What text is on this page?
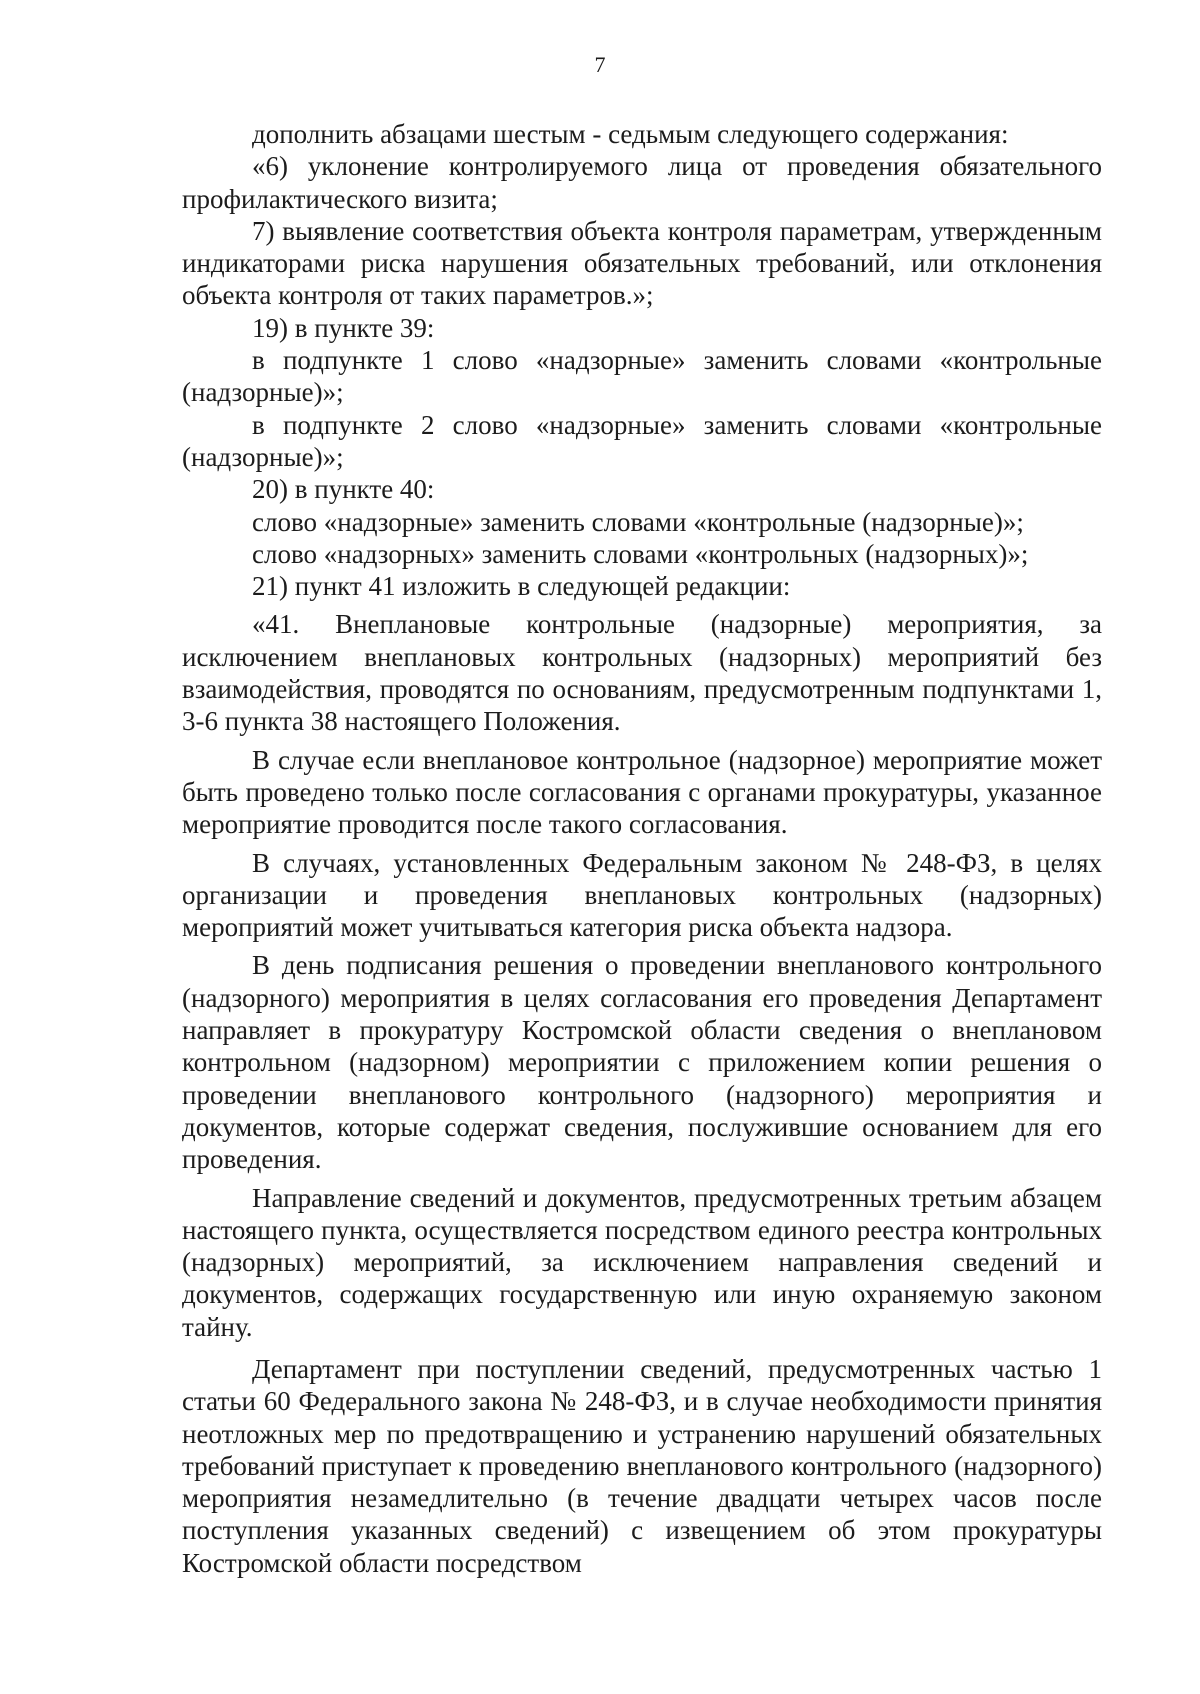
7

дополнить абзацами шестым - седьмым следующего содержания:

«6) уклонение контролируемого лица от проведения обязательного профилактического визита;

7) выявление соответствия объекта контроля параметрам, утвержденным индикаторами риска нарушения обязательных требований, или отклонения объекта контроля от таких параметров.»;

19) в пункте 39:

в подпункте 1 слово «надзорные» заменить словами «контрольные (надзорные)»;

в подпункте 2 слово «надзорные» заменить словами «контрольные (надзорные)»;

20) в пункте 40:

слово «надзорные» заменить словами «контрольные (надзорные)»;

слово «надзорных» заменить словами «контрольных (надзорных)»;

21) пункт 41 изложить в следующей редакции:

«41. Внеплановые контрольные (надзорные) мероприятия, за исключением внеплановых контрольных (надзорных) мероприятий без взаимодействия, проводятся по основаниям, предусмотренным подпунктами 1, 3-6 пункта 38 настоящего Положения.

В случае если внеплановое контрольное (надзорное) мероприятие может быть проведено только после согласования с органами прокуратуры, указанное мероприятие проводится после такого согласования.

В случаях, установленных Федеральным законом № 248-ФЗ, в целях организации и проведения внеплановых контрольных (надзорных) мероприятий может учитываться категория риска объекта надзора.

В день подписания решения о проведении внепланового контрольного (надзорного) мероприятия в целях согласования его проведения Департамент направляет в прокуратуру Костромской области сведения о внеплановом контрольном (надзорном) мероприятии с приложением копии решения о проведении внепланового контрольного (надзорного) мероприятия и документов, которые содержат сведения, послужившие основанием для его проведения.

Направление сведений и документов, предусмотренных третьим абзацем настоящего пункта, осуществляется посредством единого реестра контрольных (надзорных) мероприятий, за исключением направления сведений и документов, содержащих государственную или иную охраняемую законом тайну.

Департамент при поступлении сведений, предусмотренных частью 1 статьи 60 Федерального закона № 248-ФЗ, и в случае необходимости принятия неотложных мер по предотвращению и устранению нарушений обязательных требований приступает к проведению внепланового контрольного (надзорного) мероприятия незамедлительно (в течение двадцати четырех часов после поступления указанных сведений) с извещением об этом прокуратуры Костромской области посредством
